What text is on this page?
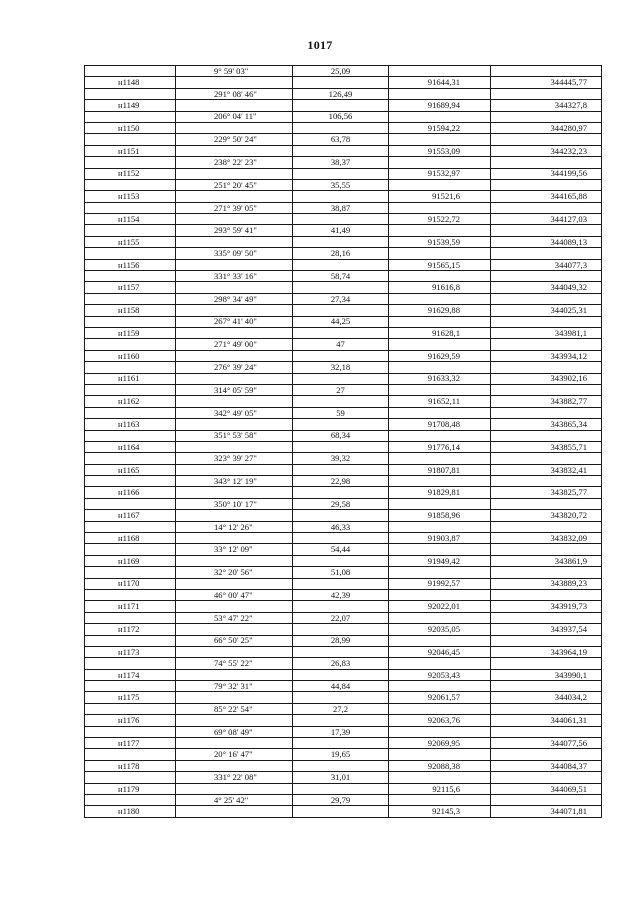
1017
	9° 59' 03"	25,09		
н1148			91644,31	344445,77
	291° 08' 46"	126,49		
н1149			91689,94	344327,8
	206° 04' 11"	106,56		
н1150			91594,22	344280,97
	229° 50' 24"	63,78		
н1151			91553,09	344232,23
	238° 22' 23"	38,37		
н1152			91532,97	344199,56
	251° 20' 45"	35,55		
н1153			91521,6	344165,88
	271° 39' 05"	38,87		
н1154			91522,72	344127,03
	293° 59' 41"	41,49		
н1155			91539,59	344089,13
	335° 09' 50"	28,16		
н1156			91565,15	344077,3
	331° 33' 16"	58,74		
н1157			91616,8	344049,32
	298° 34' 49"	27,34		
н1158			91629,88	344025,31
	267° 41' 40"	44,25		
н1159			91628,1	343981,1
	271° 49' 00"	47		
н1160			91629,59	343934,12
	276° 39' 24"	32,18		
н1161			91633,32	343902,16
	314° 05' 59"	27		
н1162			91652,11	343882,77
	342° 49' 05"	59		
н1163			91708,48	343865,34
	351° 53' 58"	68,34		
н1164			91776,14	343855,71
	323° 39' 27"	39,32		
н1165			91807,81	343832,41
	343° 12' 19"	22,98		
н1166			91829,81	343825,77
	350° 10' 17"	29,58		
н1167			91858,96	343820,72
	14° 12' 26"	46,33		
н1168			91903,87	343832,09
	33° 12' 09"	54,44		
н1169			91949,42	343861,9
	32° 20' 56"	51,08		
н1170			91992,57	343889,23
	46° 00' 47"	42,39		
н1171			92022,01	343919,73
	53° 47' 22"	22,07		
н1172			92035,05	343937,54
	66° 50' 25"	28,99		
н1173			92046,45	343964,19
	74° 55' 22"	26,83		
н1174			92053,43	343990,1
	79° 32' 31"	44,84		
н1175			92061,57	344034,2
	85° 22' 54"	27,2		
н1176			92063,76	344061,31
	69° 08' 49"	17,39		
н1177			92069,95	344077,56
	20° 16' 47"	19,65		
н1178			92088,38	344084,37
	331° 22' 08"	31,01		
н1179			92115,6	344069,51
	4° 25' 42"	29,79		
н1180			92145,3	344071,81
